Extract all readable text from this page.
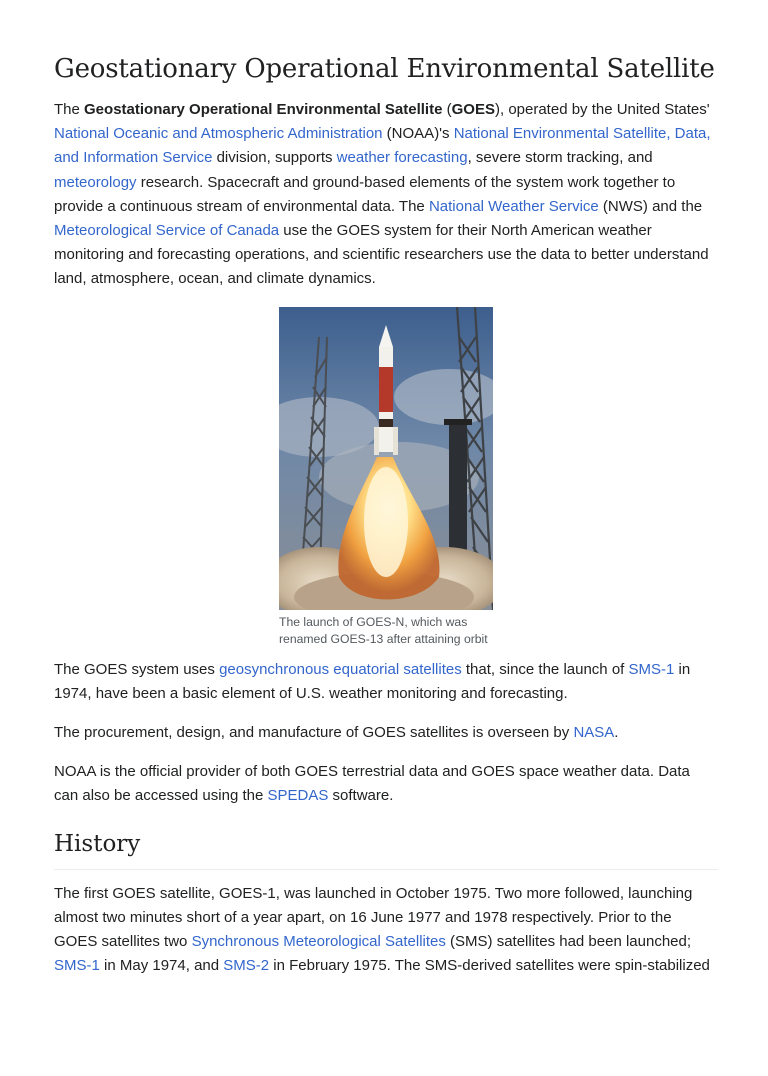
Geostationary Operational Environmental Satellite

The Geostationary Operational Environmental Satellite (GOES), operated by the United States' National Oceanic and Atmospheric Administration (NOAA)'s National Environmental Satellite, Data, and Information Service division, supports weather forecasting, severe storm tracking, and meteorology research. Spacecraft and ground-based elements of the system work together to provide a continuous stream of environmental data. The National Weather Service (NWS) and the Meteorological Service of Canada use the GOES system for their North American weather monitoring and forecasting operations, and scientific researchers use the data to better understand land, atmosphere, ocean, and climate dynamics.

The launch of GOES-N, which was renamed GOES-13 after attaining orbit

The GOES system uses geosynchronous equatorial satellites that, since the launch of SMS-1 in 1974, have been a basic element of U.S. weather monitoring and forecasting.

The procurement, design, and manufacture of GOES satellites is overseen by NASA.

NOAA is the official provider of both GOES terrestrial data and GOES space weather data. Data can also be accessed using the SPEDAS software.

History

The first GOES satellite, GOES-1, was launched in October 1975. Two more followed, launching almost two minutes short of a year apart, on 16 June 1977 and 1978 respectively. Prior to the GOES satellites two Synchronous Meteorological Satellites (SMS) satellites had been launched; SMS-1 in May 1974, and SMS-2 in February 1975. The SMS-derived satellites were spin-stabilized
